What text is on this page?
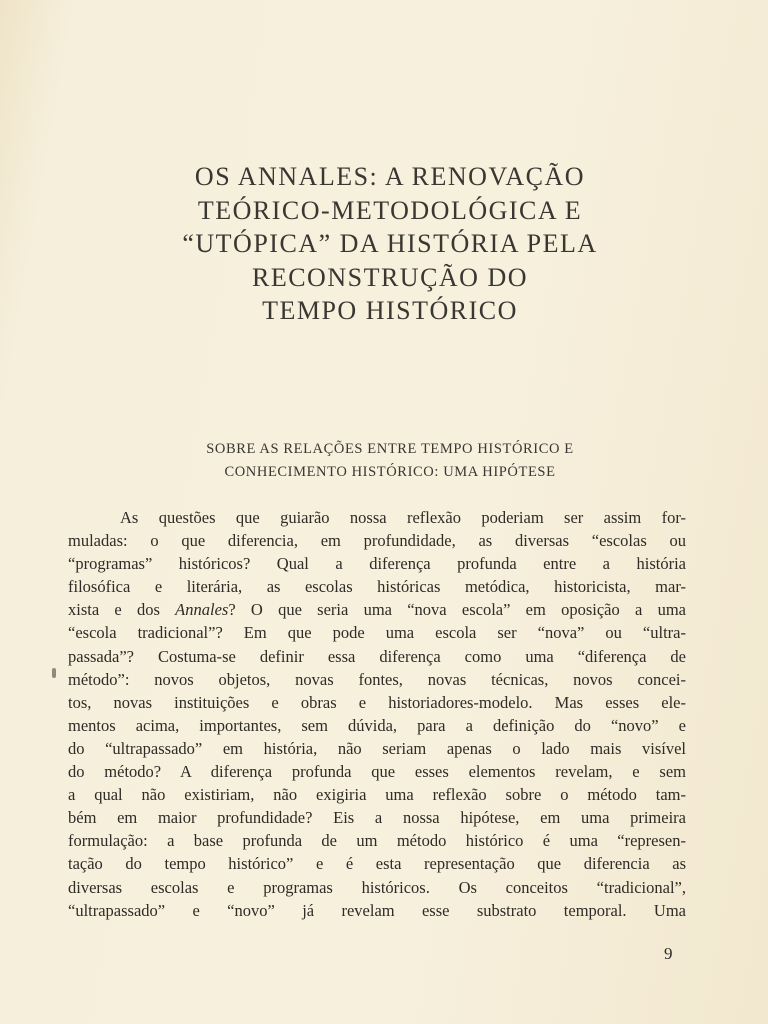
OS ANNALES: A RENOVAÇÃO
TEÓRICO-METODOLÓGICA E
“UTÓPICA” DA HISTÓRIA PELA
RECONSTRUÇÃO DO
TEMPO HISTÓRICO
SOBRE AS RELAÇÕES ENTRE TEMPO HISTÓRICO E
CONHECIMENTO HISTÓRICO: UMA HIPÓTESE
As questões que guiarão nossa reflexão poderiam ser assim for-
muladas: o que diferencia, em profundidade, as diversas “escolas ou
“programas” históricos? Qual a diferença profunda entre a história
filosófica e literária, as escolas históricas metódica, historicista, mar-
xista e dos Annales? O que seria uma “nova escola” em oposição a uma
“escola tradicional”? Em que pode uma escola ser “nova” ou “ultra-
passada”? Costuma-se definir essa diferença como uma “diferença de
método”: novos objetos, novas fontes, novas técnicas, novos concei-
tos, novas instituições e obras e historiadores-modelo. Mas esses ele-
mentos acima, importantes, sem dúvida, para a definição do “novo” e
do “ultrapassado” em história, não seriam apenas o lado mais visível
do método? A diferença profunda que esses elementos revelam, e sem
a qual não existiriam, não exigiria uma reflexão sobre o método tam-
bém em maior profundidade? Eis a nossa hipótese, em uma primeira
formulação: a base profunda de um método histórico é uma “represen-
tação do tempo histórico” e é esta representação que diferencia as
diversas escolas e programas históricos. Os conceitos “tradicional”,
“ultrapassado” e “novo” já revelam esse substrato temporal. Uma
9
